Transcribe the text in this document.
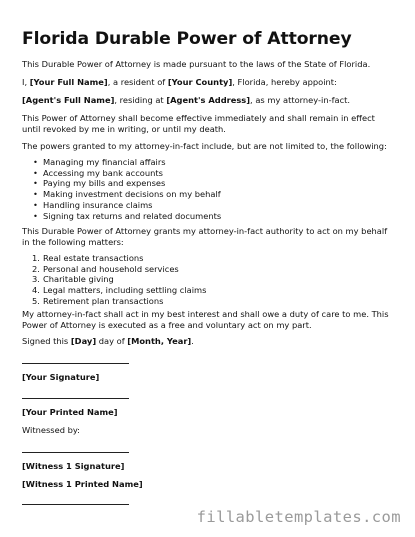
Florida Durable Power of Attorney
This Durable Power of Attorney is made pursuant to the laws of the State of Florida.
I, [Your Full Name], a resident of [Your County], Florida, hereby appoint:
[Agent's Full Name], residing at [Agent's Address], as my attorney-in-fact.
This Power of Attorney shall become effective immediately and shall remain in effect until revoked by me in writing, or until my death.
The powers granted to my attorney-in-fact include, but are not limited to, the following:
• Managing my financial affairs
• Accessing my bank accounts
• Paying my bills and expenses
• Making investment decisions on my behalf
• Handling insurance claims
• Signing tax returns and related documents
This Durable Power of Attorney grants my attorney-in-fact authority to act on my behalf in the following matters:
1. Real estate transactions
2. Personal and household services
3. Charitable giving
4. Legal matters, including settling claims
5. Retirement plan transactions
My attorney-in-fact shall act in my best interest and shall owe a duty of care to me. This Power of Attorney is executed as a free and voluntary act on my part.
Signed this [Day] day of [Month, Year].
[Your Signature]
[Your Printed Name]
Witnessed by:
[Witness 1 Signature]
[Witness 1 Printed Name]
fillabletemplates.com
